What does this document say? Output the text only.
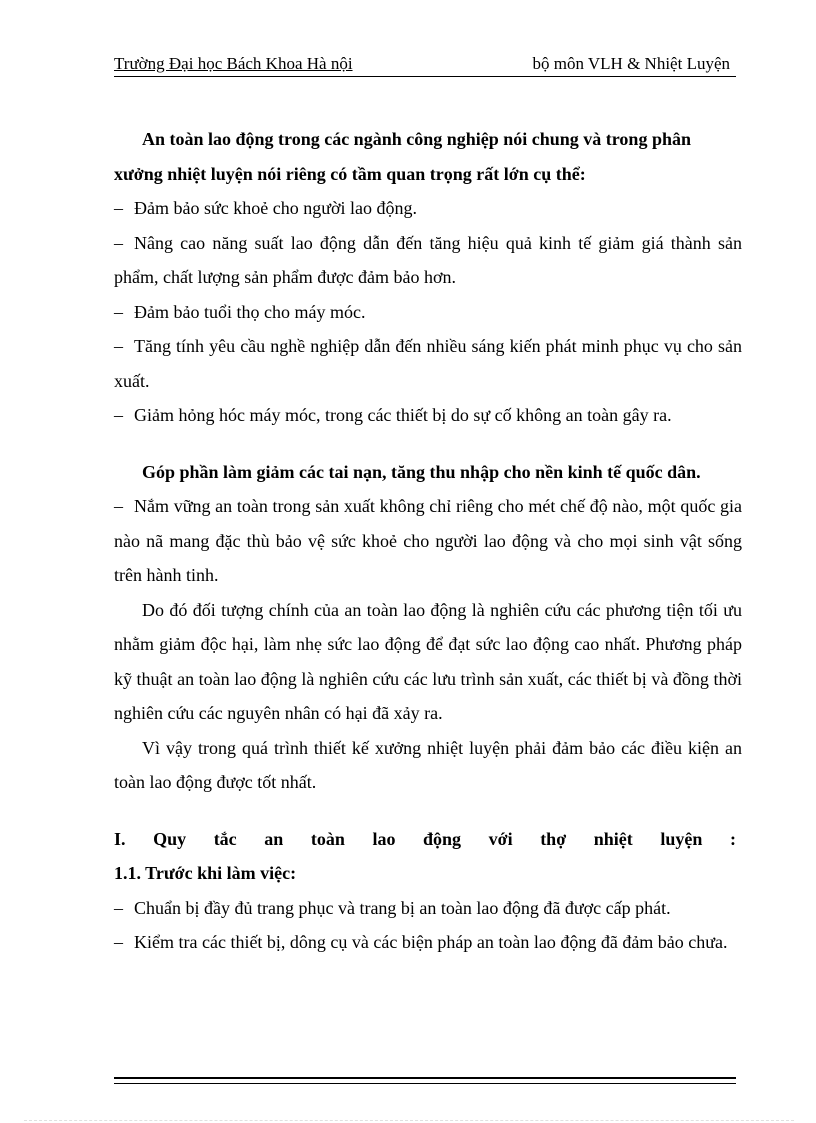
Trường Đại học Bách Khoa Hà nội	bộ môn VLH & Nhiệt Luyện

An toàn lao động trong các ngành công nghiệp nói chung và trong phân

xưởng nhiệt luyện nói riêng có tầm quan trọng rất lớn cụ thể:

– Đảm bảo sức khoẻ cho người lao động.

– Nâng cao năng suất lao động dẫn đến tăng hiệu quả kinh tế giảm giá thành sản phẩm, chất lượng sản phẩm được đảm bảo hơn.

– Đảm bảo tuổi thọ cho máy móc.

– Tăng tính yêu cầu nghề nghiệp dẫn đến nhiều sáng kiến phát minh phục vụ cho sản xuất.

– Giảm hỏng hóc máy móc, trong các thiết bị do sự cố không an toàn gây ra.

Góp phần làm giảm các tai nạn, tăng thu nhập cho nền kinh tế quốc dân.

– Nắm vững an toàn trong sản xuất không chỉ riêng cho mét chế độ nào, một quốc gia nào nã mang đặc thù bảo vệ sức khoẻ cho người lao động và cho mọi sinh vật sống trên hành tinh.

Do đó đối tượng chính của an toàn lao động là nghiên cứu các phương tiện tối ưu nhằm giảm độc hại, làm nhẹ sức lao động để đạt sức lao động cao nhất. Phương pháp kỹ thuật an toàn lao động là nghiên cứu các lưu trình sản xuất, các thiết bị và đồng thời nghiên cứu các nguyên nhân có hại đã xảy ra.

Vì vậy trong quá trình thiết kế xưởng nhiệt luyện phải đảm bảo các điều kiện an toàn lao động được tốt nhất.

I. Quy tắc an toàn lao động với thợ nhiệt luyện :

1.1. Trước khi làm việc:

– Chuẩn bị đầy đủ trang phục và trang bị an toàn lao động đã được cấp phát.

– Kiểm tra các thiết bị, dông cụ và các biện pháp an toàn lao động đã đảm bảo chưa.
